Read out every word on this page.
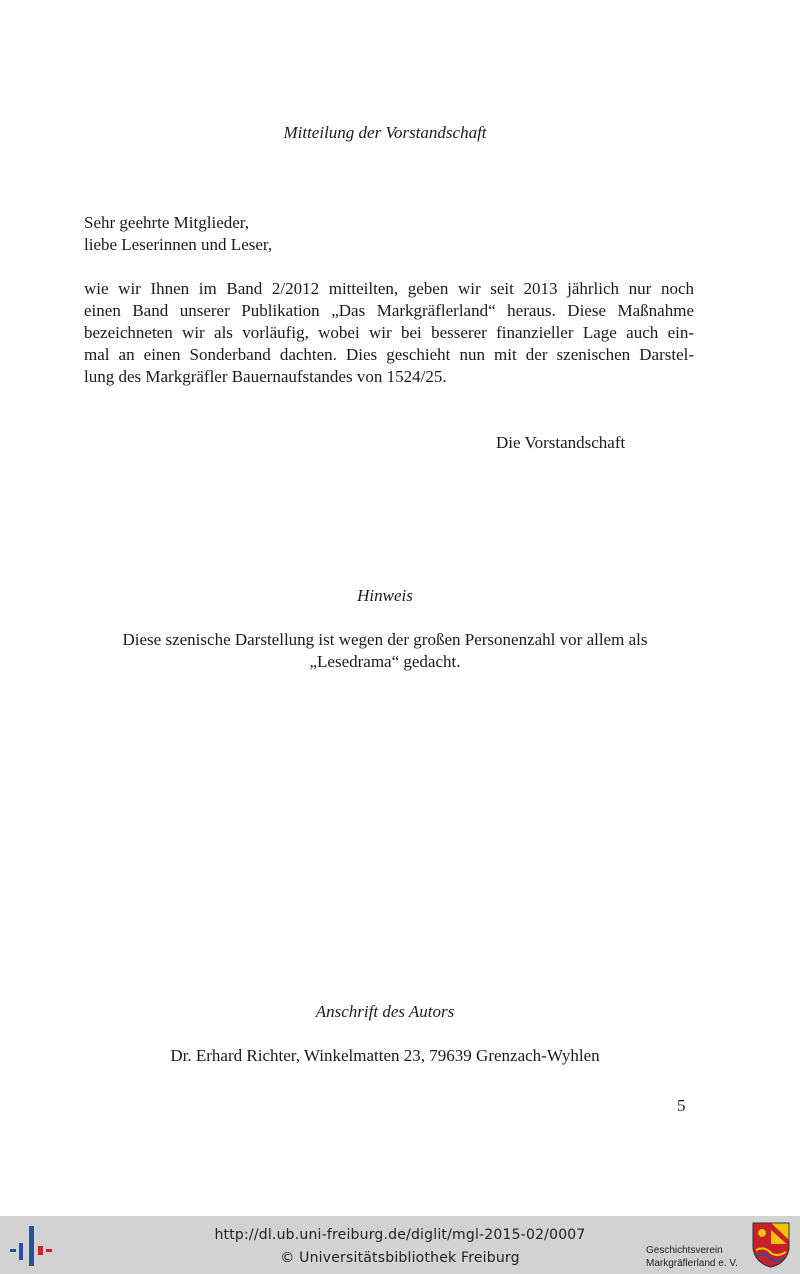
Mitteilung der Vorstandschaft
Sehr geehrte Mitglieder,
liebe Leserinnen und Leser,
wie wir Ihnen im Band 2/2012 mitteilten, geben wir seit 2013 jährlich nur noch
einen Band unserer Publikation „Das Markgräflerland“ heraus. Diese Maßnahme
bezeichneten wir als vorläufig, wobei wir bei besserer finanzieller Lage auch ein-
mal an einen Sonderband dachten. Dies geschieht nun mit der szenischen Darstel-
lung des Markgräfler Bauernaufstandes von 1524/25.
Die Vorstandschaft
Hinweis
Diese szenische Darstellung ist wegen der großen Personenzahl vor allem als
„Lesedrama“ gedacht.
Anschrift des Autors
Dr. Erhard Richter, Winkelmatten 23, 79639 Grenzach-Wyhlen
5
http://dl.ub.uni-freiburg.de/diglit/mgl-2015-02/0007
© Universitätsbibliothek Freiburg	Geschichtsverein
Markgräflerland e. V.
